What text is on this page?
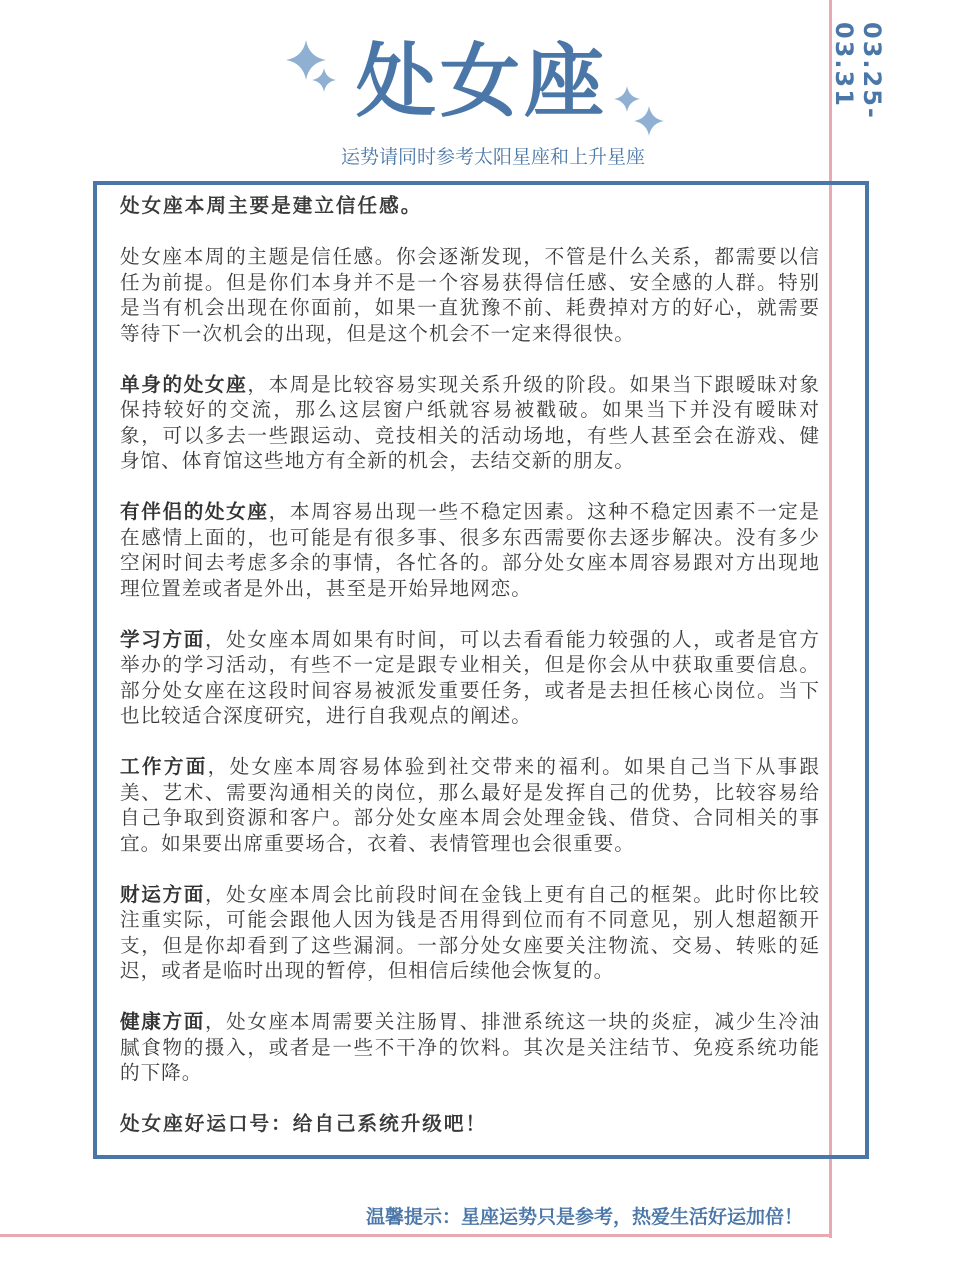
处女座
运势请同时参考太阳星座和上升星座
03.25-03.31

处女座本周主要是建立信任感。

处女座本周的主题是信任感。你会逐渐发现，不管是什么关系，都需要以信任为前提。但是你们本身并不是一个容易获得信任感、安全感的人群。特别是当有机会出现在你面前，如果一直犹豫不前、耗费掉对方的好心，就需要等待下一次机会的出现，但是这个机会不一定来得很快。

单身的处女座，本周是比较容易实现关系升级的阶段。如果当下跟暧昧对象保持较好的交流，那么这层窗户纸就容易被戳破。如果当下并没有暧昧对象，可以多去一些跟运动、竞技相关的活动场地，有些人甚至会在游戏、健身馆、体育馆这些地方有全新的机会，去结交新的朋友。

有伴侣的处女座，本周容易出现一些不稳定因素。这种不稳定因素不一定是在感情上面的，也可能是有很多事、很多东西需要你去逐步解决。没有多少空闲时间去考虑多余的事情，各忙各的。部分处女座本周容易跟对方出现地理位置差或者是外出，甚至是开始异地网恋。

学习方面，处女座本周如果有时间，可以去看看能力较强的人，或者是官方举办的学习活动，有些不一定是跟专业相关，但是你会从中获取重要信息。部分处女座在这段时间容易被派发重要任务，或者是去担任核心岗位。当下也比较适合深度研究，进行自我观点的阐述。

工作方面，处女座本周容易体验到社交带来的福利。如果自己当下从事跟美、艺术、需要沟通相关的岗位，那么最好是发挥自己的优势，比较容易给自己争取到资源和客户。部分处女座本周会处理金钱、借贷、合同相关的事宜。如果要出席重要场合，衣着、表情管理也会很重要。

财运方面，处女座本周会比前段时间在金钱上更有自己的框架。此时你比较注重实际，可能会跟他人因为钱是否用得到位而有不同意见，别人想超额开支，但是你却看到了这些漏洞。一部分处女座要关注物流、交易、转账的延迟，或者是临时出现的暂停，但相信后续他会恢复的。

健康方面，处女座本周需要关注肠胃、排泄系统这一块的炎症，减少生冷油腻食物的摄入，或者是一些不干净的饮料。其次是关注结节、免疫系统功能的下降。

处女座好运口号：给自己系统升级吧！

温馨提示：星座运势只是参考，热爱生活好运加倍！
